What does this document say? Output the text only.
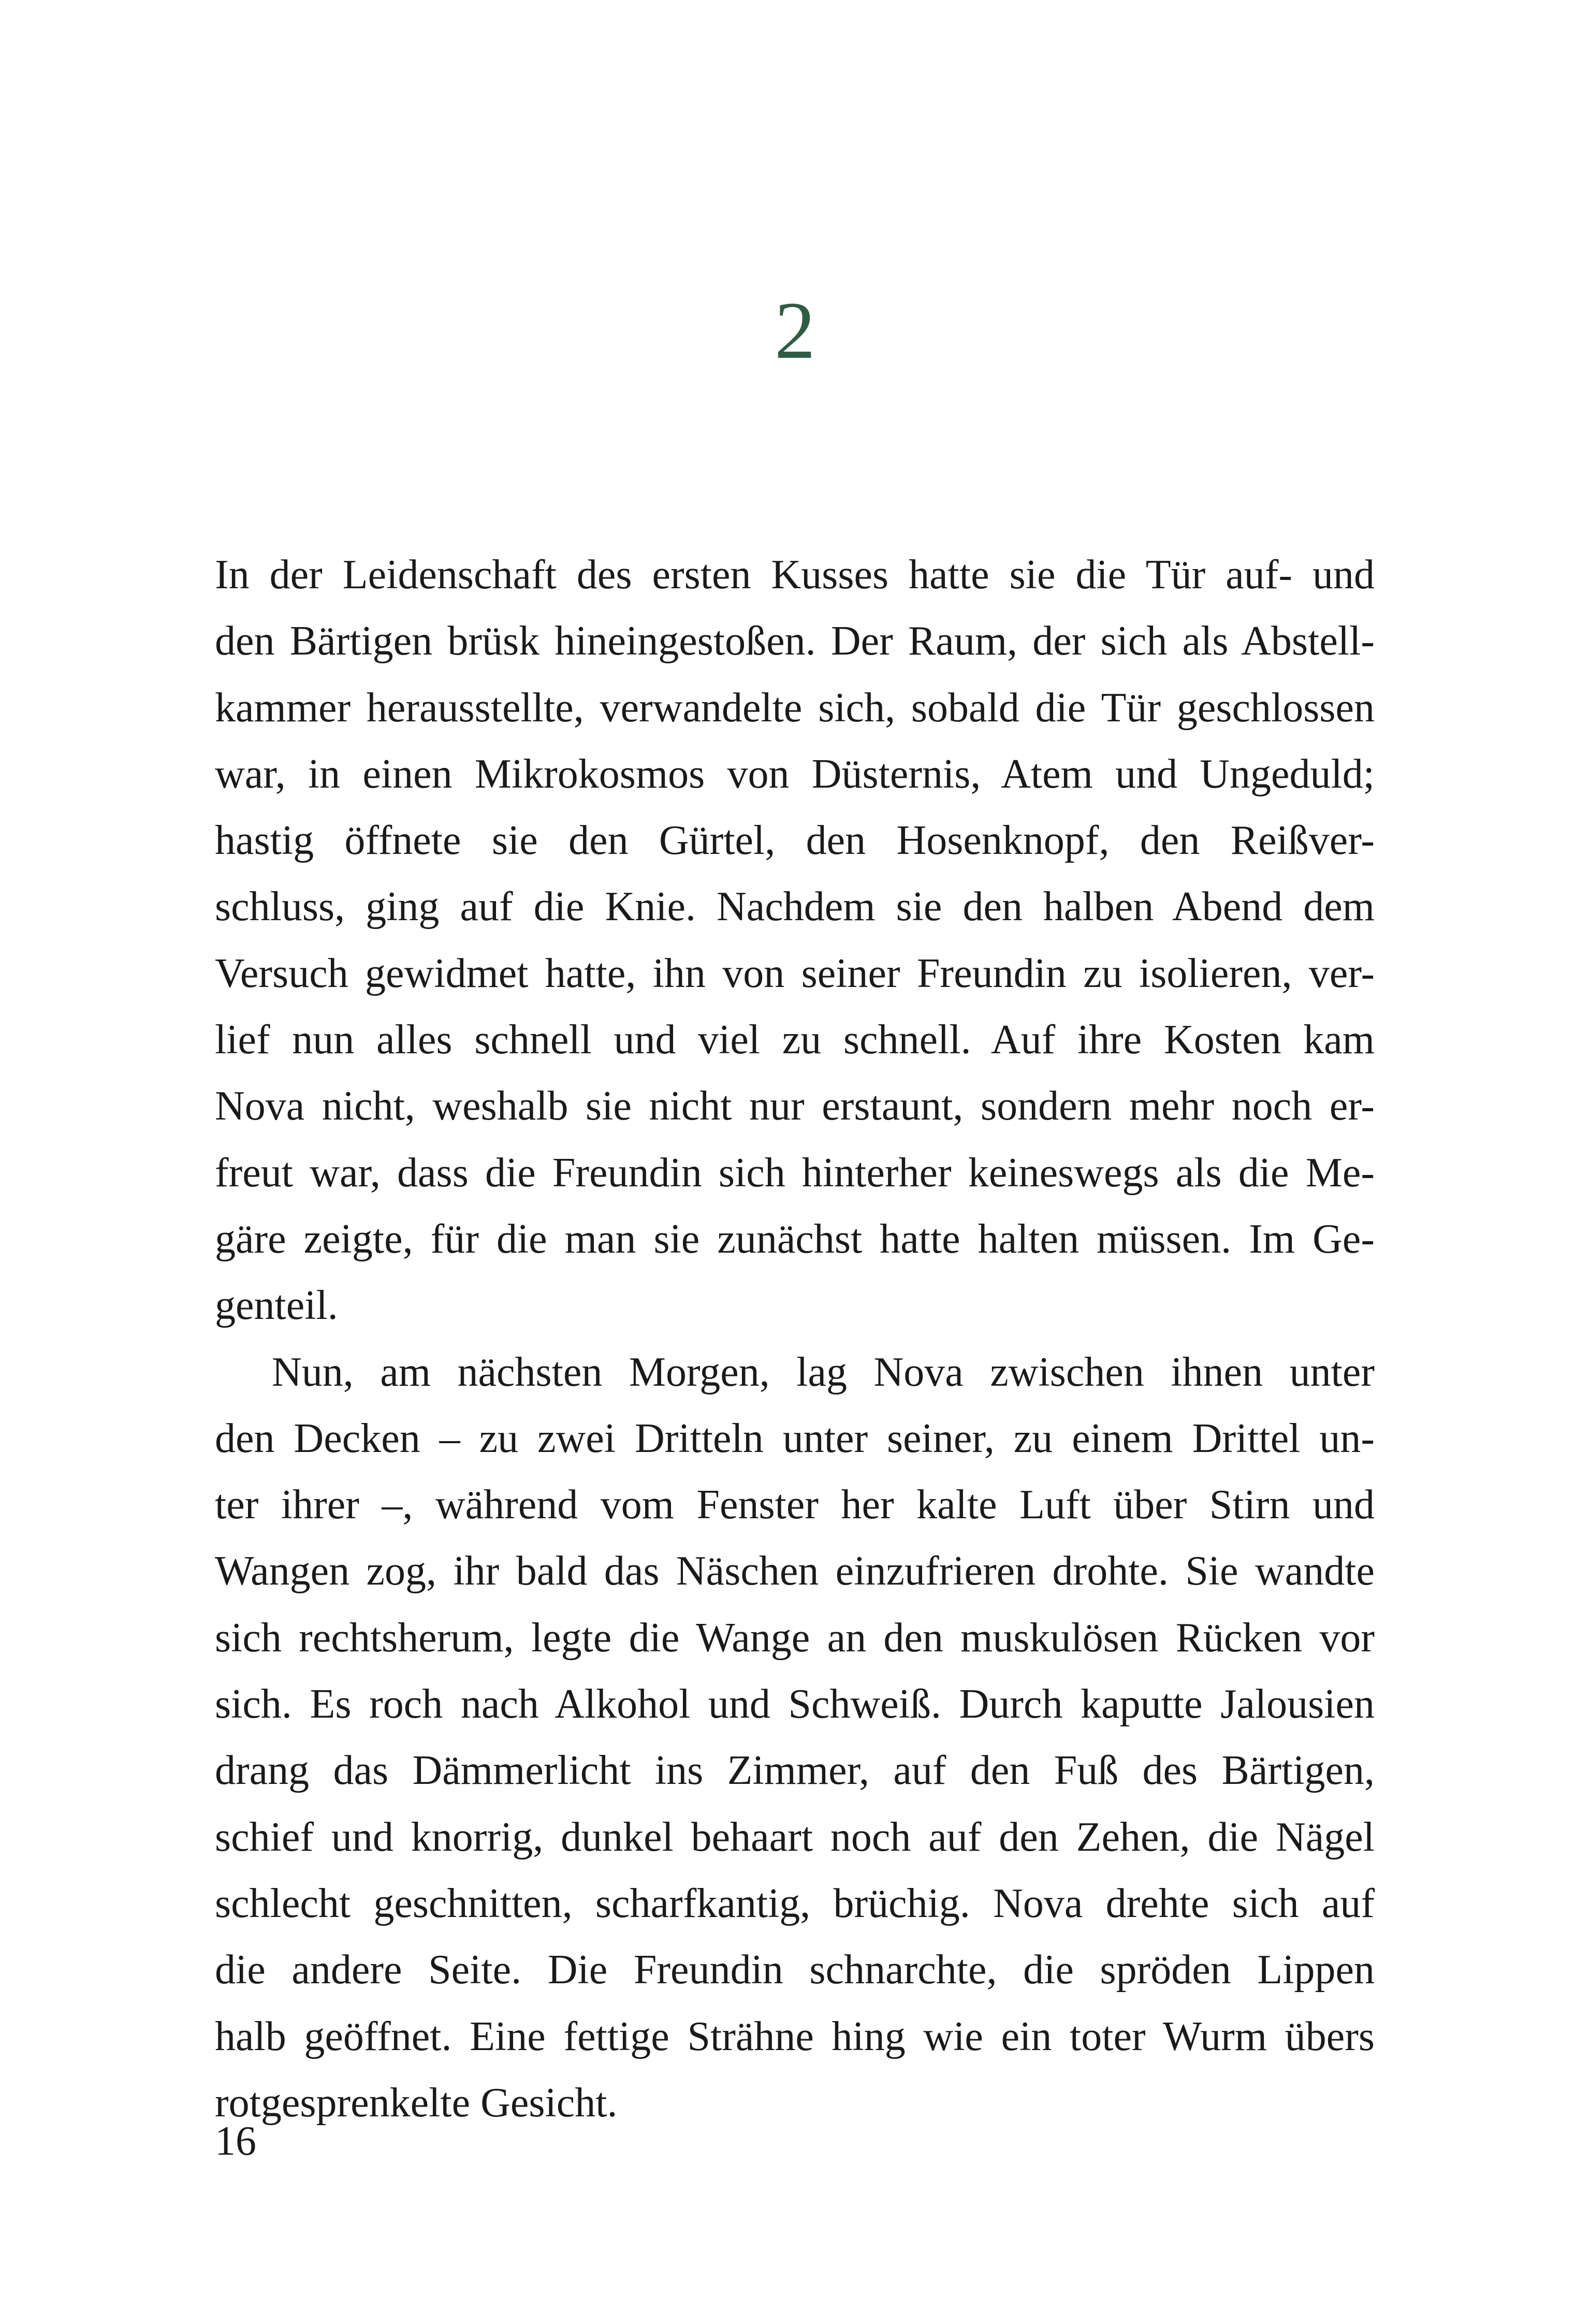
2
In der Leidenschaft des ersten Kusses hatte sie die Tür auf- und
den Bärtigen brüsk hineingestoßen. Der Raum, der sich als Abstell-
kammer herausstellte, verwandelte sich, sobald die Tür geschlossen
war, in einen Mikrokosmos von Düsternis, Atem und Ungeduld;
hastig öffnete sie den Gürtel, den Hosenknopf, den Reißver-
schluss, ging auf die Knie. Nachdem sie den halben Abend dem
Versuch gewidmet hatte, ihn von seiner Freundin zu isolieren, ver-
lief nun alles schnell und viel zu schnell. Auf ihre Kosten kam
Nova nicht, weshalb sie nicht nur erstaunt, sondern mehr noch er-
freut war, dass die Freundin sich hinterher keineswegs als die Me-
gäre zeigte, für die man sie zunächst hatte halten müssen. Im Ge-
genteil.
Nun, am nächsten Morgen, lag Nova zwischen ihnen unter
den Decken – zu zwei Dritteln unter seiner, zu einem Drittel un-
ter ihrer –, während vom Fenster her kalte Luft über Stirn und
Wangen zog, ihr bald das Näschen einzufrieren drohte. Sie wandte
sich rechtsherum, legte die Wange an den muskulösen Rücken vor
sich. Es roch nach Alkohol und Schweiß. Durch kaputte Jalousien
drang das Dämmerlicht ins Zimmer, auf den Fuß des Bärtigen,
schief und knorrig, dunkel behaart noch auf den Zehen, die Nägel
schlecht geschnitten, scharfkantig, brüchig. Nova drehte sich auf
die andere Seite. Die Freundin schnarchte, die spröden Lippen
halb geöffnet. Eine fettige Strähne hing wie ein toter Wurm übers
rotgesprenkelte Gesicht.
16
